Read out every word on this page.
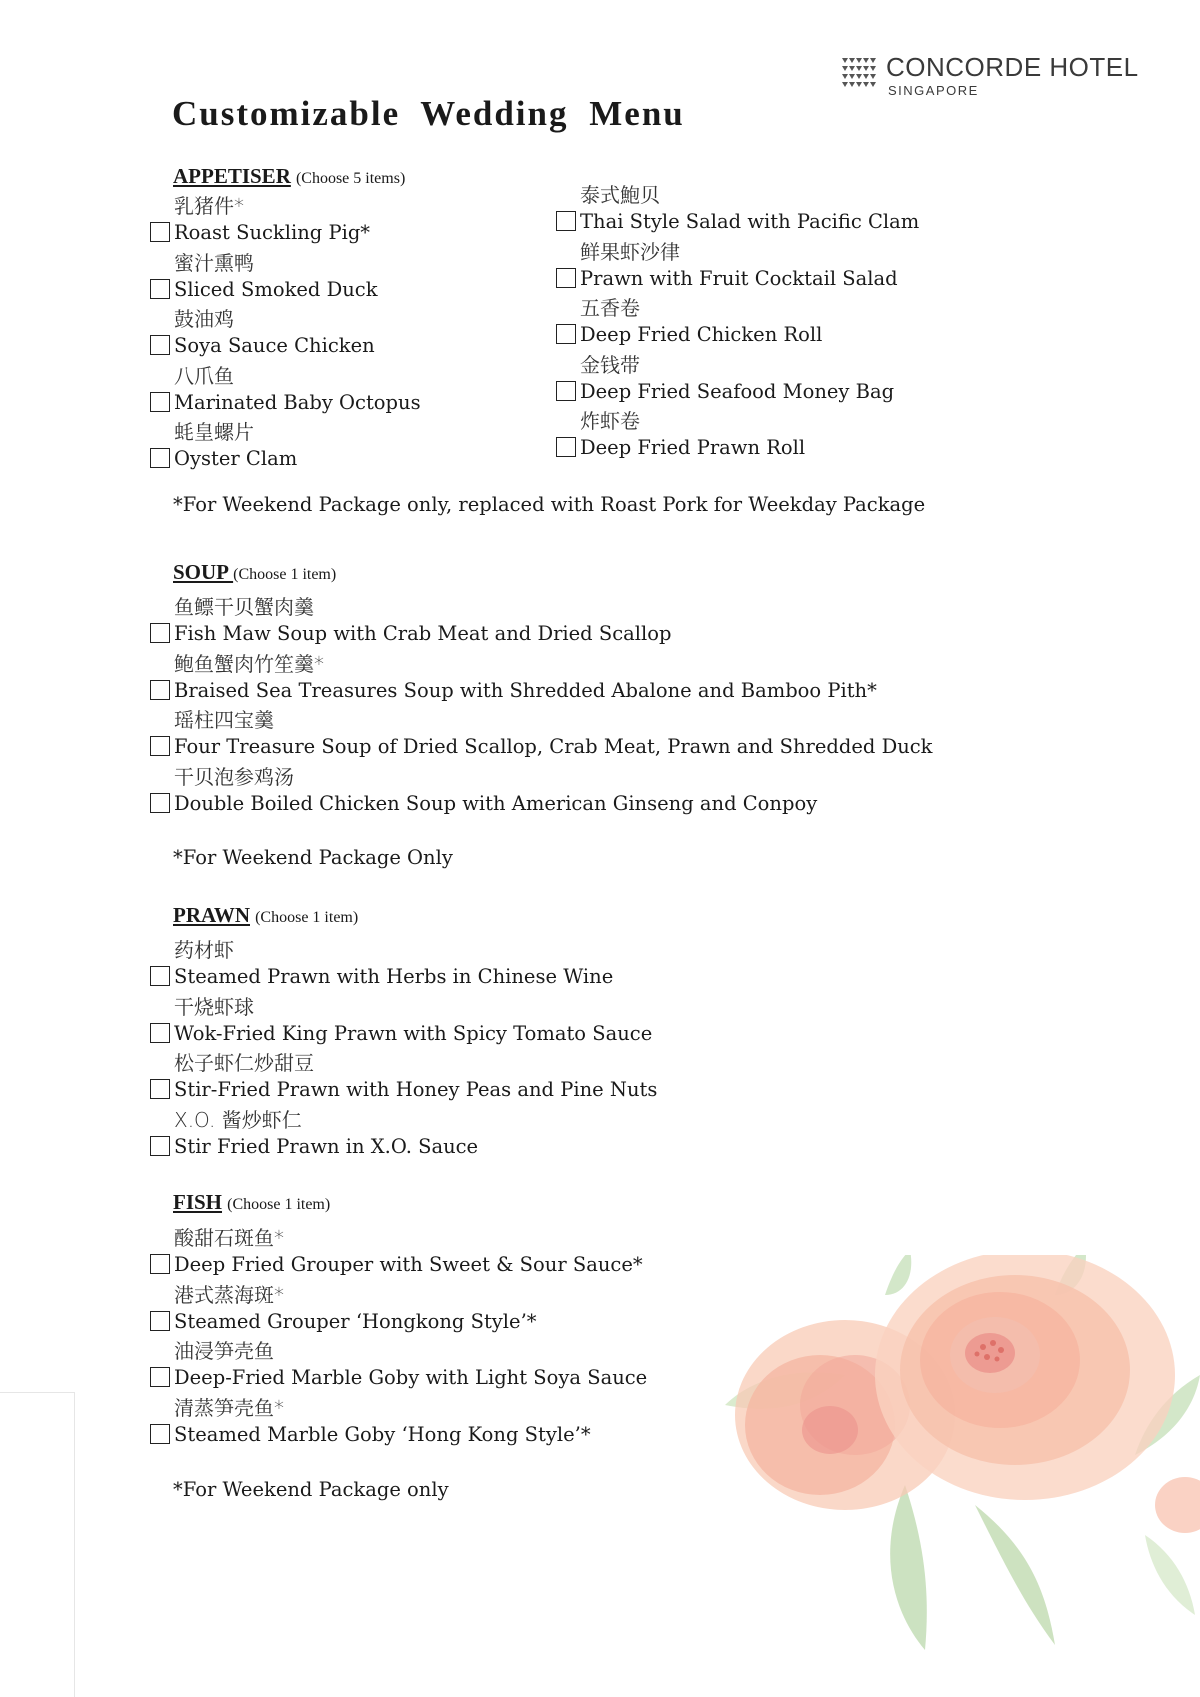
CONCORDE HOTEL
SINGAPORE
Customizable Wedding Menu
APPETISER (Choose 5 items)
乳猪件*
Roast Suckling Pig*
蜜汁熏鸭
Sliced Smoked Duck
鼓油鸡
Soya Sauce Chicken
八爪鱼
Marinated Baby Octopus
蚝皇螺片
Oyster Clam
泰式鮑贝
Thai Style Salad with Pacific Clam
鲜果虾沙律
Prawn with Fruit Cocktail Salad
五香卷
Deep Fried Chicken Roll
金钱带
Deep Fried Seafood Money Bag
炸虾卷
Deep Fried Prawn Roll
*For Weekend Package only, replaced with Roast Pork for Weekday Package
SOUP (Choose 1 item)
鱼鳔干贝蟹肉羹
Fish Maw Soup with Crab Meat and Dried Scallop
鲍鱼蟹肉竹笙羹*
Braised Sea Treasures Soup with Shredded Abalone and Bamboo Pith*
瑶柱四宝羹
Four Treasure Soup of Dried Scallop, Crab Meat, Prawn and Shredded Duck
干贝泡参鸡汤
Double Boiled Chicken Soup with American Ginseng and Conpoy
*For Weekend Package Only
PRAWN (Choose 1 item)
药材虾
Steamed Prawn with Herbs in Chinese Wine
干烧虾球
Wok-Fried King Prawn with Spicy Tomato Sauce
松子虾仁炒甜豆
Stir-Fried Prawn with Honey Peas and Pine Nuts
X.O. 酱炒虾仁
Stir Fried Prawn in X.O. Sauce
FISH (Choose 1 item)
酸甜石斑鱼*
Deep Fried Grouper with Sweet & Sour Sauce*
港式蒸海斑*
Steamed Grouper ‘Hongkong Style’*
油浸笋壳鱼
Deep-Fried Marble Goby with Light Soya Sauce
清蒸笋壳鱼*
Steamed Marble Goby ‘Hong Kong Style’*
*For Weekend Package only
